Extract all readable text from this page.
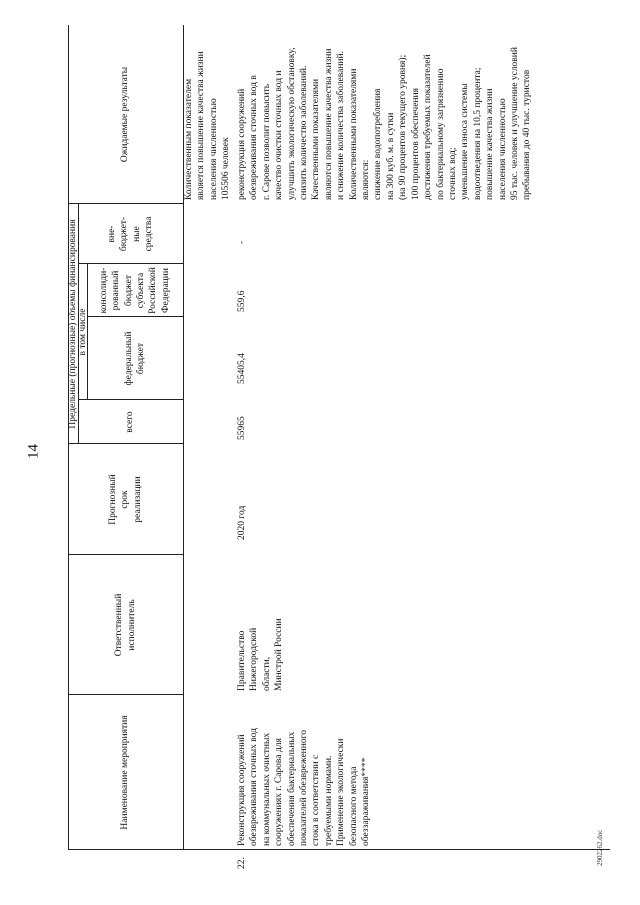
14
2902262.doc
Наименование мероприятия
Ответственный
исполнитель
Прогнозный
срок
реализации
Предельные (прогнозные) объемы финансирования в том числе
всего
федеральный
бюджет
консолиди-
рованный
бюджет
субъекта
Российской
Федерации
вне-
бюджет-
ные
средства
Ожидаемые результаты
Количественным показателем
является повышение качества жизни
населения численностью
105506 человек
22.
Реконструкция сооружений
обезвреживания сточных вод
на коммунальных очистных
сооружениях г. Сарова для
обеспечения бактериальных
показателей обезвреженного
стока в соответствии с
требуемыми нормами.
Применение экологически
безопасного метода
обеззараживания****
Правительство
Нижегородской
области,
Минстрой России
2020 год
55965
55405,4
559,6
-
реконструкция сооружений
обезвреживания сточных вод в
г. Сарове позволит повысить
качество очистки сточных вод и
улучшить экологическую обстановку,
снизить количество заболеваний.
Качественными показателями
являются повышение качества жизни
и снижение количества заболеваний.
Количественными показателями
являются:
снижение водопотребления
на 300 куб. м. в сутки
(на 90 процентов текущего уровня);
100 процентов обеспечения
достижения требуемых показателей
по бактериальному загрязнению
сточных вод;
уменьшение износа системы
водоотведения на 10,5 процента;
повышение качества жизни
населения численностью
95 тыс. человек и улучшение условий
пребывания до 40 тыс. туристов
